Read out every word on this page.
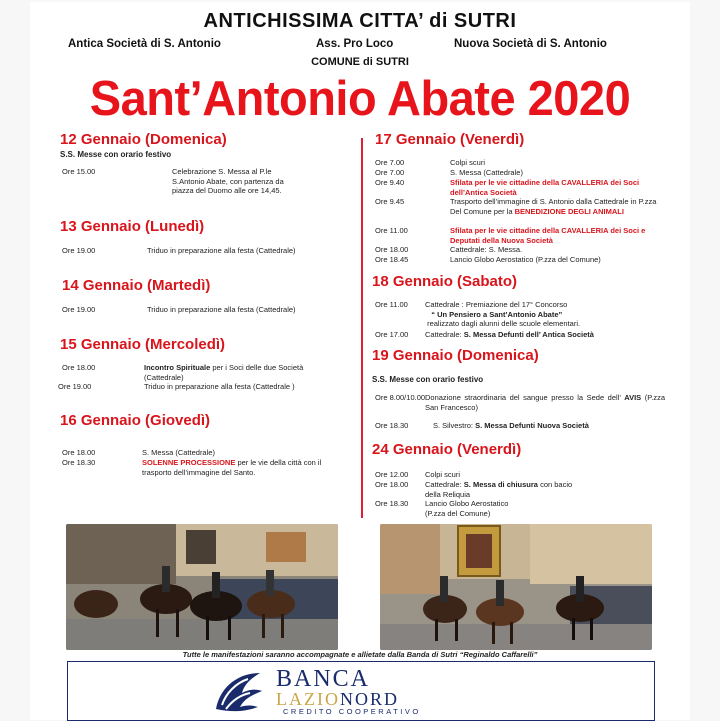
ANTICHISSIMA CITTA’ di SUTRI
Antica Società di S. Antonio	Ass. Pro Loco	Nuova Società di S. Antonio
COMUNE di SUTRI
Sant’Antonio Abate 2020
12 Gennaio (Domenica)
S.S. Messe con orario festivo
Ore 15.00	Celebrazione S. Messa al P.le S.Antonio Abate, con partenza da piazza del Duomo alle ore 14,45.
13 Gennaio (Lunedì)
Ore 19.00	Triduo in preparazione alla festa (Cattedrale)
14 Gennaio (Martedì)
Ore 19.00	Triduo in preparazione alla festa (Cattedrale)
15 Gennaio (Mercoledì)
Ore 18.00	Incontro Spirituale per i Soci delle due Società (Cattedrale)
Ore 19.00	Triduo in preparazione alla festa (Cattedrale )
16 Gennaio (Giovedì)
Ore 18.00	S. Messa (Cattedrale)
Ore 18.30	SOLENNE PROCESSIONE per le vie della città con il trasporto dell’immagine del Santo.
17 Gennaio (Venerdì)
Ore 7.00	Colpi scuri
Ore 7.00	S. Messa (Cattedrale)
Ore 9.40	Sfilata per le vie cittadine della CAVALLERIA dei Soci dell’Antica Società
Ore 9.45	Trasporto dell’immagine di S. Antonio dalla Cattedrale in P.zza Del Comune per la BENEDIZIONE DEGLI ANIMALI
Ore 11.00	Sfilata per le vie cittadine della CAVALLERIA dei Soci e Deputati della Nuova Società
Ore 18.00	Cattedrale: S. Messa.
Ore 18.45	Lancio Globo Aerostatico (P.zza del Comune)
18 Gennaio (Sabato)
Ore 11.00 Cattedrale : Premiazione del 17° Concorso
“ Un Pensiero a Sant’Antonio Abate”
realizzato dagli alunni delle scuole elementari.
Ore 17.00 Cattedrale: S. Messa Defunti dell’ Antica Società
19 Gennaio (Domenica)
S.S. Messe con orario festivo
Ore 8.00/10.00 Donazione straordinaria del sangue presso la Sede dell’ AVIS (P.zza San Francesco)
Ore 18.30	S. Silvestro: S. Messa Defunti Nuova Società
24 Gennaio (Venerdì)
Ore 12.00 Colpi scuri
Ore 18.00 Cattedrale: S. Messa di chiusura con bacio della Reliquia
Ore 18.30 Lancio Globo Aerostatico (P.zza del Comune)
Tutte le manifestazioni saranno accompagnate e allietate dalla Banda di Sutri “Reginaldo Caffarelli”
BANCA
LAZIONORD
CREDITO COOPERATIVO
